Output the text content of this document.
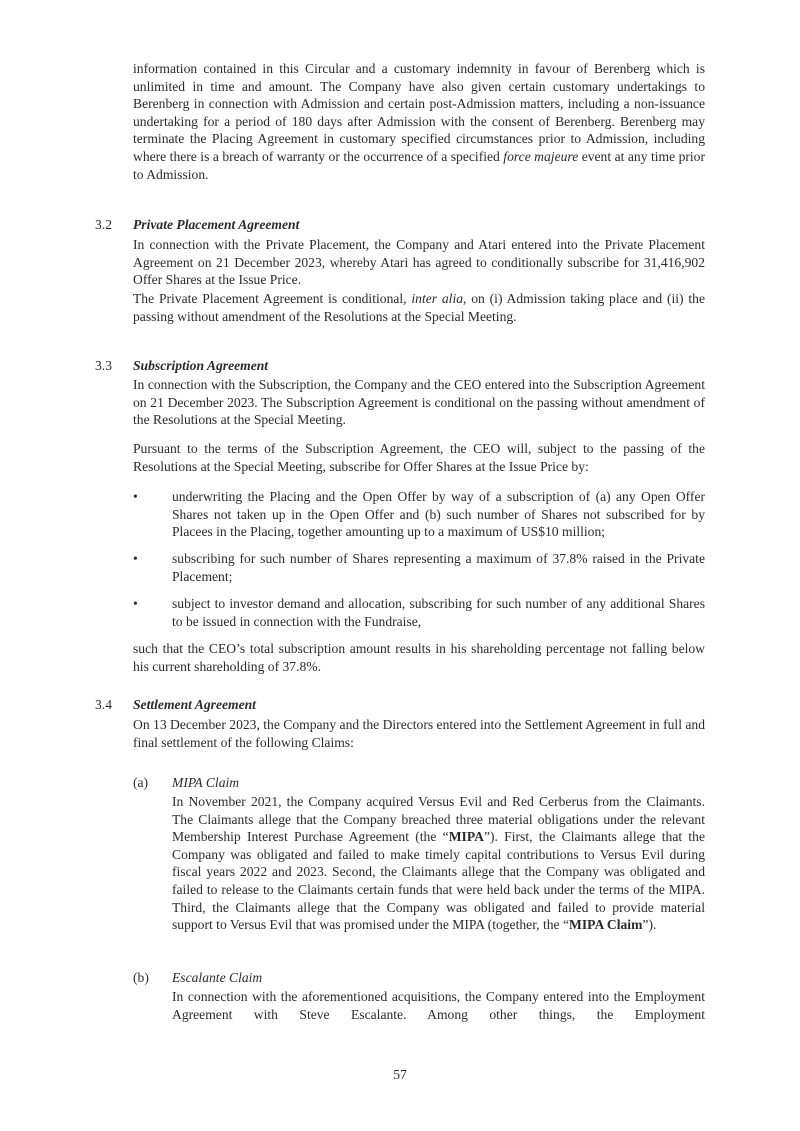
information contained in this Circular and a customary indemnity in favour of Berenberg which is unlimited in time and amount. The Company have also given certain customary undertakings to Berenberg in connection with Admission and certain post-Admission matters, including a non-issuance undertaking for a period of 180 days after Admission with the consent of Berenberg. Berenberg may terminate the Placing Agreement in customary specified circumstances prior to Admission, including where there is a breach of warranty or the occurrence of a specified force majeure event at any time prior to Admission.

3.2 Private Placement Agreement

In connection with the Private Placement, the Company and Atari entered into the Private Placement Agreement on 21 December 2023, whereby Atari has agreed to conditionally subscribe for 31,416,902 Offer Shares at the Issue Price.

The Private Placement Agreement is conditional, inter alia, on (i) Admission taking place and (ii) the passing without amendment of the Resolutions at the Special Meeting.

3.3 Subscription Agreement

In connection with the Subscription, the Company and the CEO entered into the Subscription Agreement on 21 December 2023. The Subscription Agreement is conditional on the passing without amendment of the Resolutions at the Special Meeting.

Pursuant to the terms of the Subscription Agreement, the CEO will, subject to the passing of the Resolutions at the Special Meeting, subscribe for Offer Shares at the Issue Price by:

•	underwriting the Placing and the Open Offer by way of a subscription of (a) any Open Offer Shares not taken up in the Open Offer and (b) such number of Shares not subscribed for by Placees in the Placing, together amounting up to a maximum of US$10 million;

•	subscribing for such number of Shares representing a maximum of 37.8% raised in the Private Placement;

•	subject to investor demand and allocation, subscribing for such number of any additional Shares to be issued in connection with the Fundraise,

such that the CEO’s total subscription amount results in his shareholding percentage not falling below his current shareholding of 37.8%.

3.4 Settlement Agreement

On 13 December 2023, the Company and the Directors entered into the Settlement Agreement in full and final settlement of the following Claims:

(a) MIPA Claim

In November 2021, the Company acquired Versus Evil and Red Cerberus from the Claimants. The Claimants allege that the Company breached three material obligations under the relevant Membership Interest Purchase Agreement (the “MIPA”). First, the Claimants allege that the Company was obligated and failed to make timely capital contributions to Versus Evil during fiscal years 2022 and 2023. Second, the Claimants allege that the Company was obligated and failed to release to the Claimants certain funds that were held back under the terms of the MIPA. Third, the Claimants allege that the Company was obligated and failed to provide material support to Versus Evil that was promised under the MIPA (together, the “MIPA Claim”).

(b) Escalante Claim

In connection with the aforementioned acquisitions, the Company entered into the Employment Agreement with Steve Escalante. Among other things, the Employment

57
